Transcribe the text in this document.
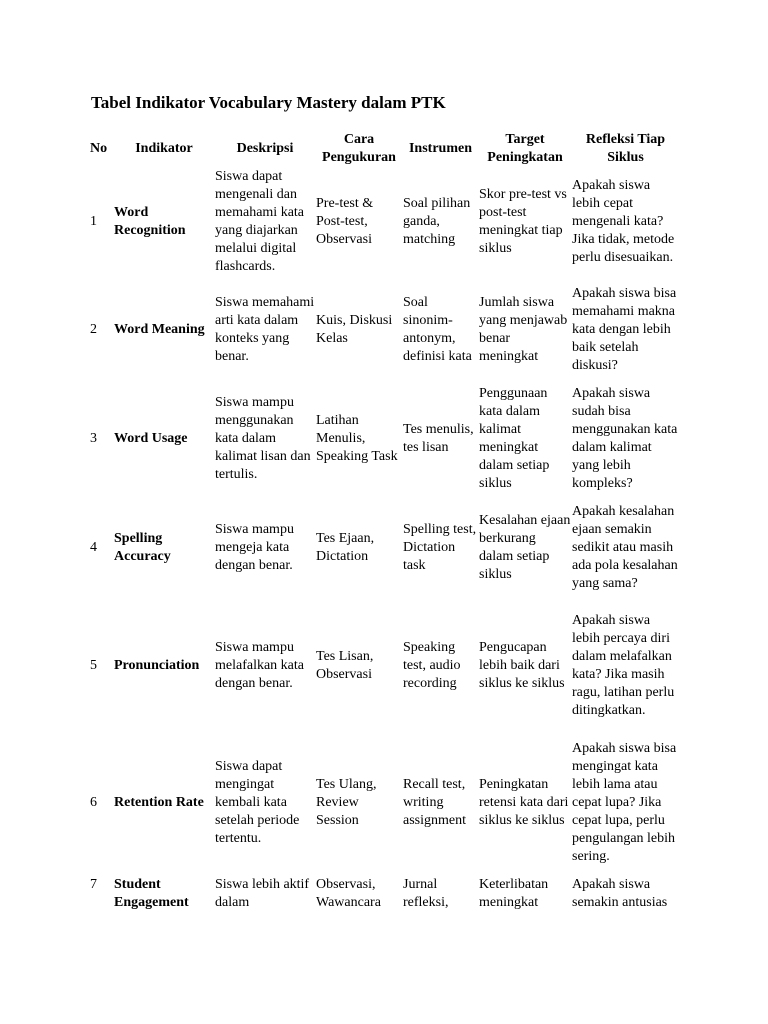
Tabel Indikator Vocabulary Mastery dalam PTK
No	Indikator	Deskripsi	Cara Pengukuran	Instrumen	Target Peningkatan	Refleksi Tiap Siklus
1	Word Recognition	Siswa dapat mengenali dan memahami kata yang diajarkan melalui digital flashcards.	Pre-test & Post-test, Observasi	Soal pilihan ganda, matching	Skor pre-test vs post-test meningkat tiap siklus	Apakah siswa lebih cepat mengenali kata? Jika tidak, metode perlu disesuaikan.
2	Word Meaning	Siswa memahami arti kata dalam konteks yang benar.	Kuis, Diskusi Kelas	Soal sinonim-antonym, definisi kata	Jumlah siswa yang menjawab benar meningkat	Apakah siswa bisa memahami makna kata dengan lebih baik setelah diskusi?
3	Word Usage	Siswa mampu menggunakan kata dalam kalimat lisan dan tertulis.	Latihan Menulis, Speaking Task	Tes menulis, tes lisan	Penggunaan kata dalam kalimat meningkat dalam setiap siklus	Apakah siswa sudah bisa menggunakan kata dalam kalimat yang lebih kompleks?
4	Spelling Accuracy	Siswa mampu mengeja kata dengan benar.	Tes Ejaan, Dictation	Spelling test, Dictation task	Kesalahan ejaan berkurang dalam setiap siklus	Apakah kesalahan ejaan semakin sedikit atau masih ada pola kesalahan yang sama?
5	Pronunciation	Siswa mampu melafalkan kata dengan benar.	Tes Lisan, Observasi	Speaking test, audio recording	Pengucapan lebih baik dari siklus ke siklus	Apakah siswa lebih percaya diri dalam melafalkan kata? Jika masih ragu, latihan perlu ditingkatkan.
6	Retention Rate	Siswa dapat mengingat kembali kata setelah periode tertentu.	Tes Ulang, Review Session	Recall test, writing assignment	Peningkatan retensi kata dari siklus ke siklus	Apakah siswa bisa mengingat kata lebih lama atau cepat lupa? Jika cepat lupa, perlu pengulangan lebih sering.
7	Student Engagement	Siswa lebih aktif dalam	Observasi, Wawancara	Jurnal refleksi,	Keterlibatan meningkat	Apakah siswa semakin antusias
